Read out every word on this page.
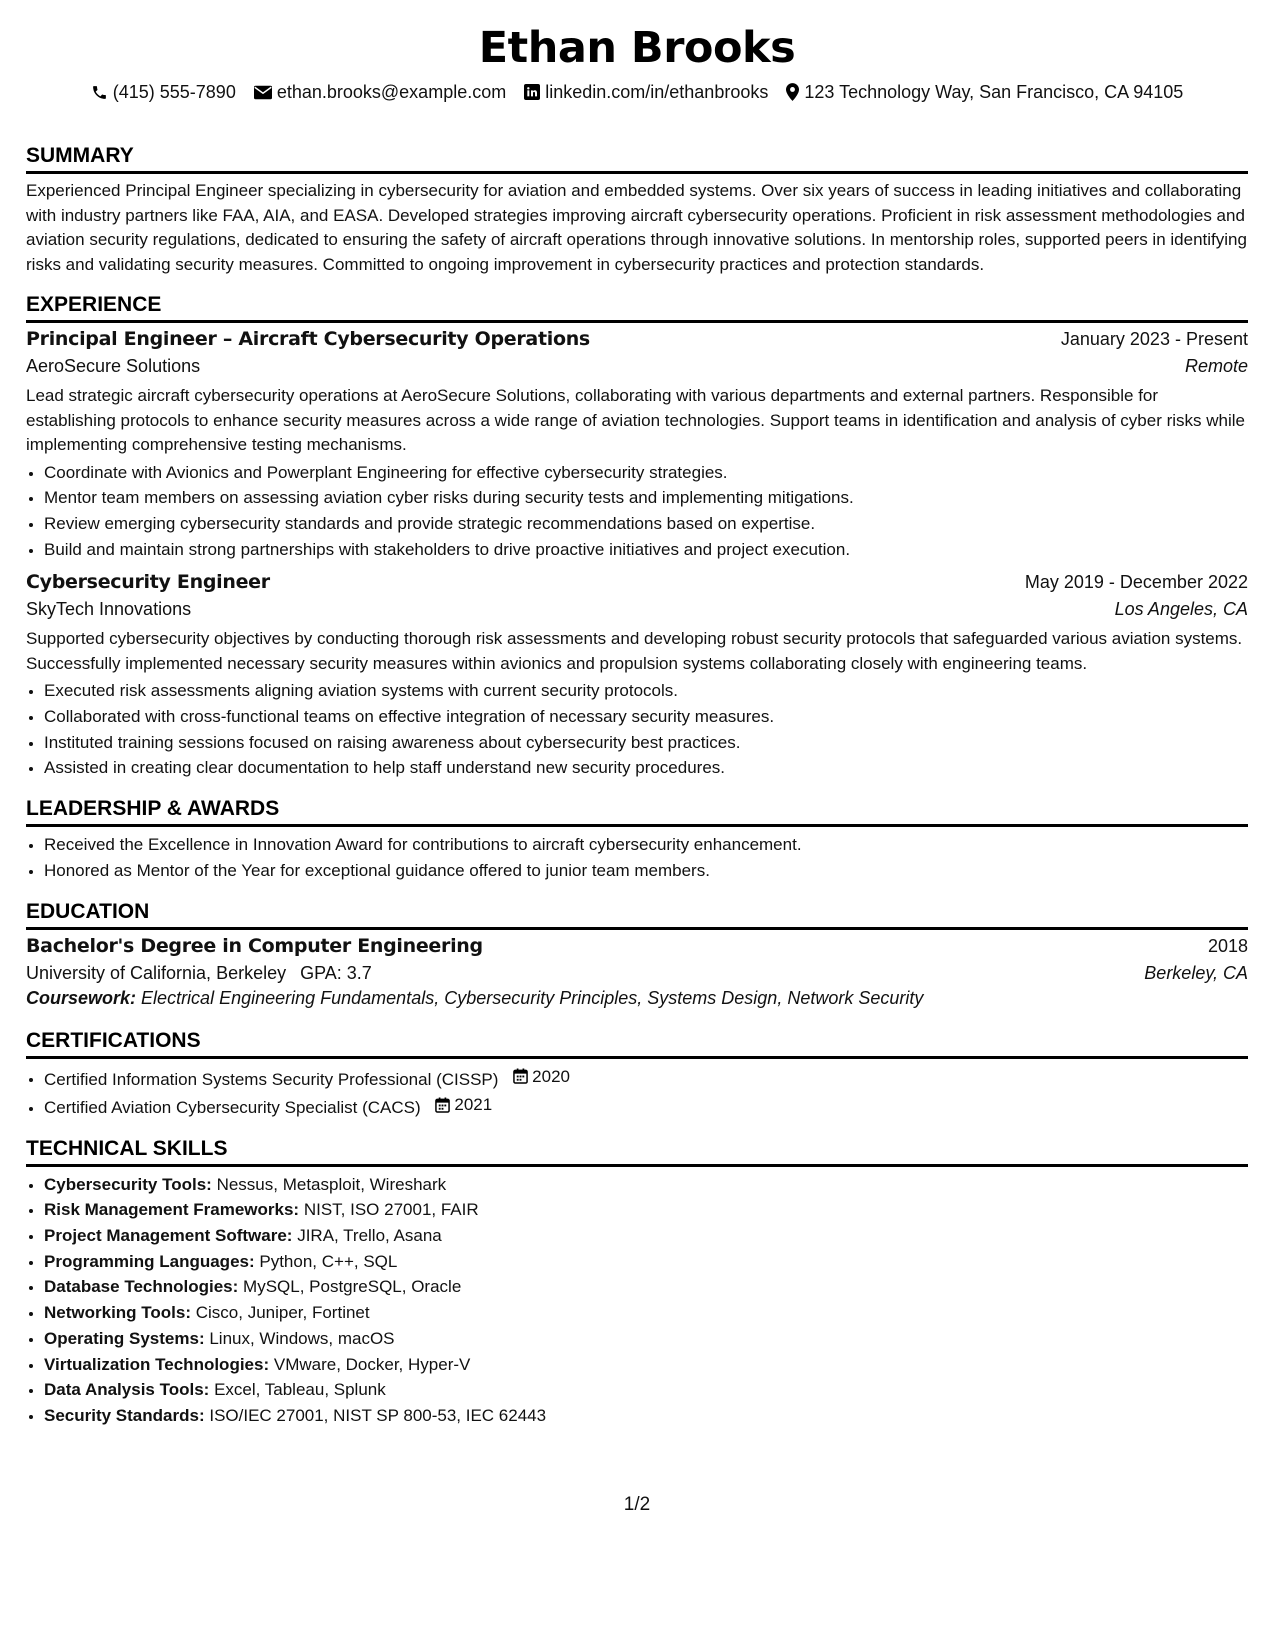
Ethan Brooks
(415) 555-7890 ethan.brooks@example.com linkedin.com/in/ethanbrooks 123 Technology Way, San Francisco, CA 94105
SUMMARY

Experienced Principal Engineer specializing in cybersecurity for aviation and embedded systems. Over six years of success in leading initiatives and collaborating with industry partners like FAA, AIA, and EASA. Developed strategies improving aircraft cybersecurity operations. Proficient in risk assessment methodologies and aviation security regulations, dedicated to ensuring the safety of aircraft operations through innovative solutions. In mentorship roles, supported peers in identifying risks and validating security measures. Committed to ongoing improvement in cybersecurity practices and protection standards.

EXPERIENCE
Principal Engineer – Aircraft Cybersecurity Operations	January 2023 - Present
AeroSecure Solutions	Remote

Lead strategic aircraft cybersecurity operations at AeroSecure Solutions, collaborating with various departments and external partners. Responsible for establishing protocols to enhance security measures across a wide range of aviation technologies. Support teams in identification and analysis of cyber risks while implementing comprehensive testing mechanisms.

• Coordinate with Avionics and Powerplant Engineering for effective cybersecurity strategies.
• Mentor team members on assessing aviation cyber risks during security tests and implementing mitigations.
• Review emerging cybersecurity standards and provide strategic recommendations based on expertise.
• Build and maintain strong partnerships with stakeholders to drive proactive initiatives and project execution.
Cybersecurity Engineer	May 2019 - December 2022
SkyTech Innovations	Los Angeles, CA

Supported cybersecurity objectives by conducting thorough risk assessments and developing robust security protocols that safeguarded various aviation systems. Successfully implemented necessary security measures within avionics and propulsion systems collaborating closely with engineering teams.

• Executed risk assessments aligning aviation systems with current security protocols.
• Collaborated with cross-functional teams on effective integration of necessary security measures.
• Instituted training sessions focused on raising awareness about cybersecurity best practices.
• Assisted in creating clear documentation to help staff understand new security procedures.
LEADERSHIP & AWARDS
• Received the Excellence in Innovation Award for contributions to aircraft cybersecurity enhancement.
• Honored as Mentor of the Year for exceptional guidance offered to junior team members.
EDUCATION
Bachelor's Degree in Computer Engineering	2018
University of California, Berkeley GPA: 3.7	Berkeley, CA
Coursework: Electrical Engineering Fundamentals, Cybersecurity Principles, Systems Design, Network Security
CERTIFICATIONS
• Certified Information Systems Security Professional (CISSP) 2020
• Certified Aviation Cybersecurity Specialist (CACS) 2021
TECHNICAL SKILLS
• Cybersecurity Tools: Nessus, Metasploit, Wireshark
• Risk Management Frameworks: NIST, ISO 27001, FAIR
• Project Management Software: JIRA, Trello, Asana
• Programming Languages: Python, C++, SQL
• Database Technologies: MySQL, PostgreSQL, Oracle
• Networking Tools: Cisco, Juniper, Fortinet
• Operating Systems: Linux, Windows, macOS
• Virtualization Technologies: VMware, Docker, Hyper-V
• Data Analysis Tools: Excel, Tableau, Splunk
• Security Standards: ISO/IEC 27001, NIST SP 800-53, IEC 62443
1/2
